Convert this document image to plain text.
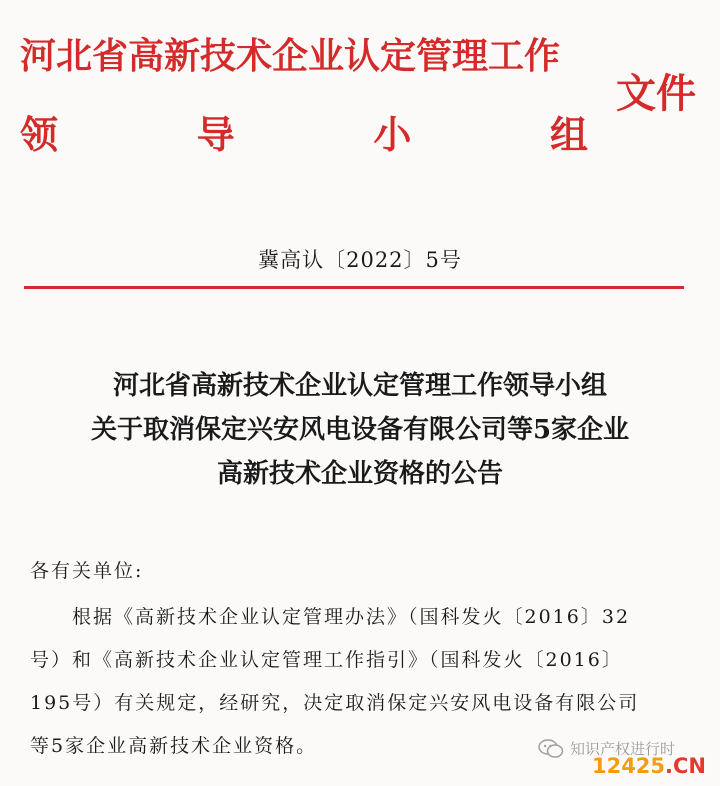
河北省高新技术企业认定管理工作
领	导	小	组
文件
冀高认〔2022〕5号
河北省高新技术企业认定管理工作领导小组
关于取消保定兴安风电设备有限公司等5家企业
高新技术企业资格的公告
各有关单位:
根据《高新技术企业认定管理办法》（国科发火〔2016〕32
号）和《高新技术企业认定管理工作指引》（国科发火〔2016〕
195号）有关规定，经研究，决定取消保定兴安风电设备有限公司
等5家企业高新技术企业资格。	知识产权进行时
12425.CN
